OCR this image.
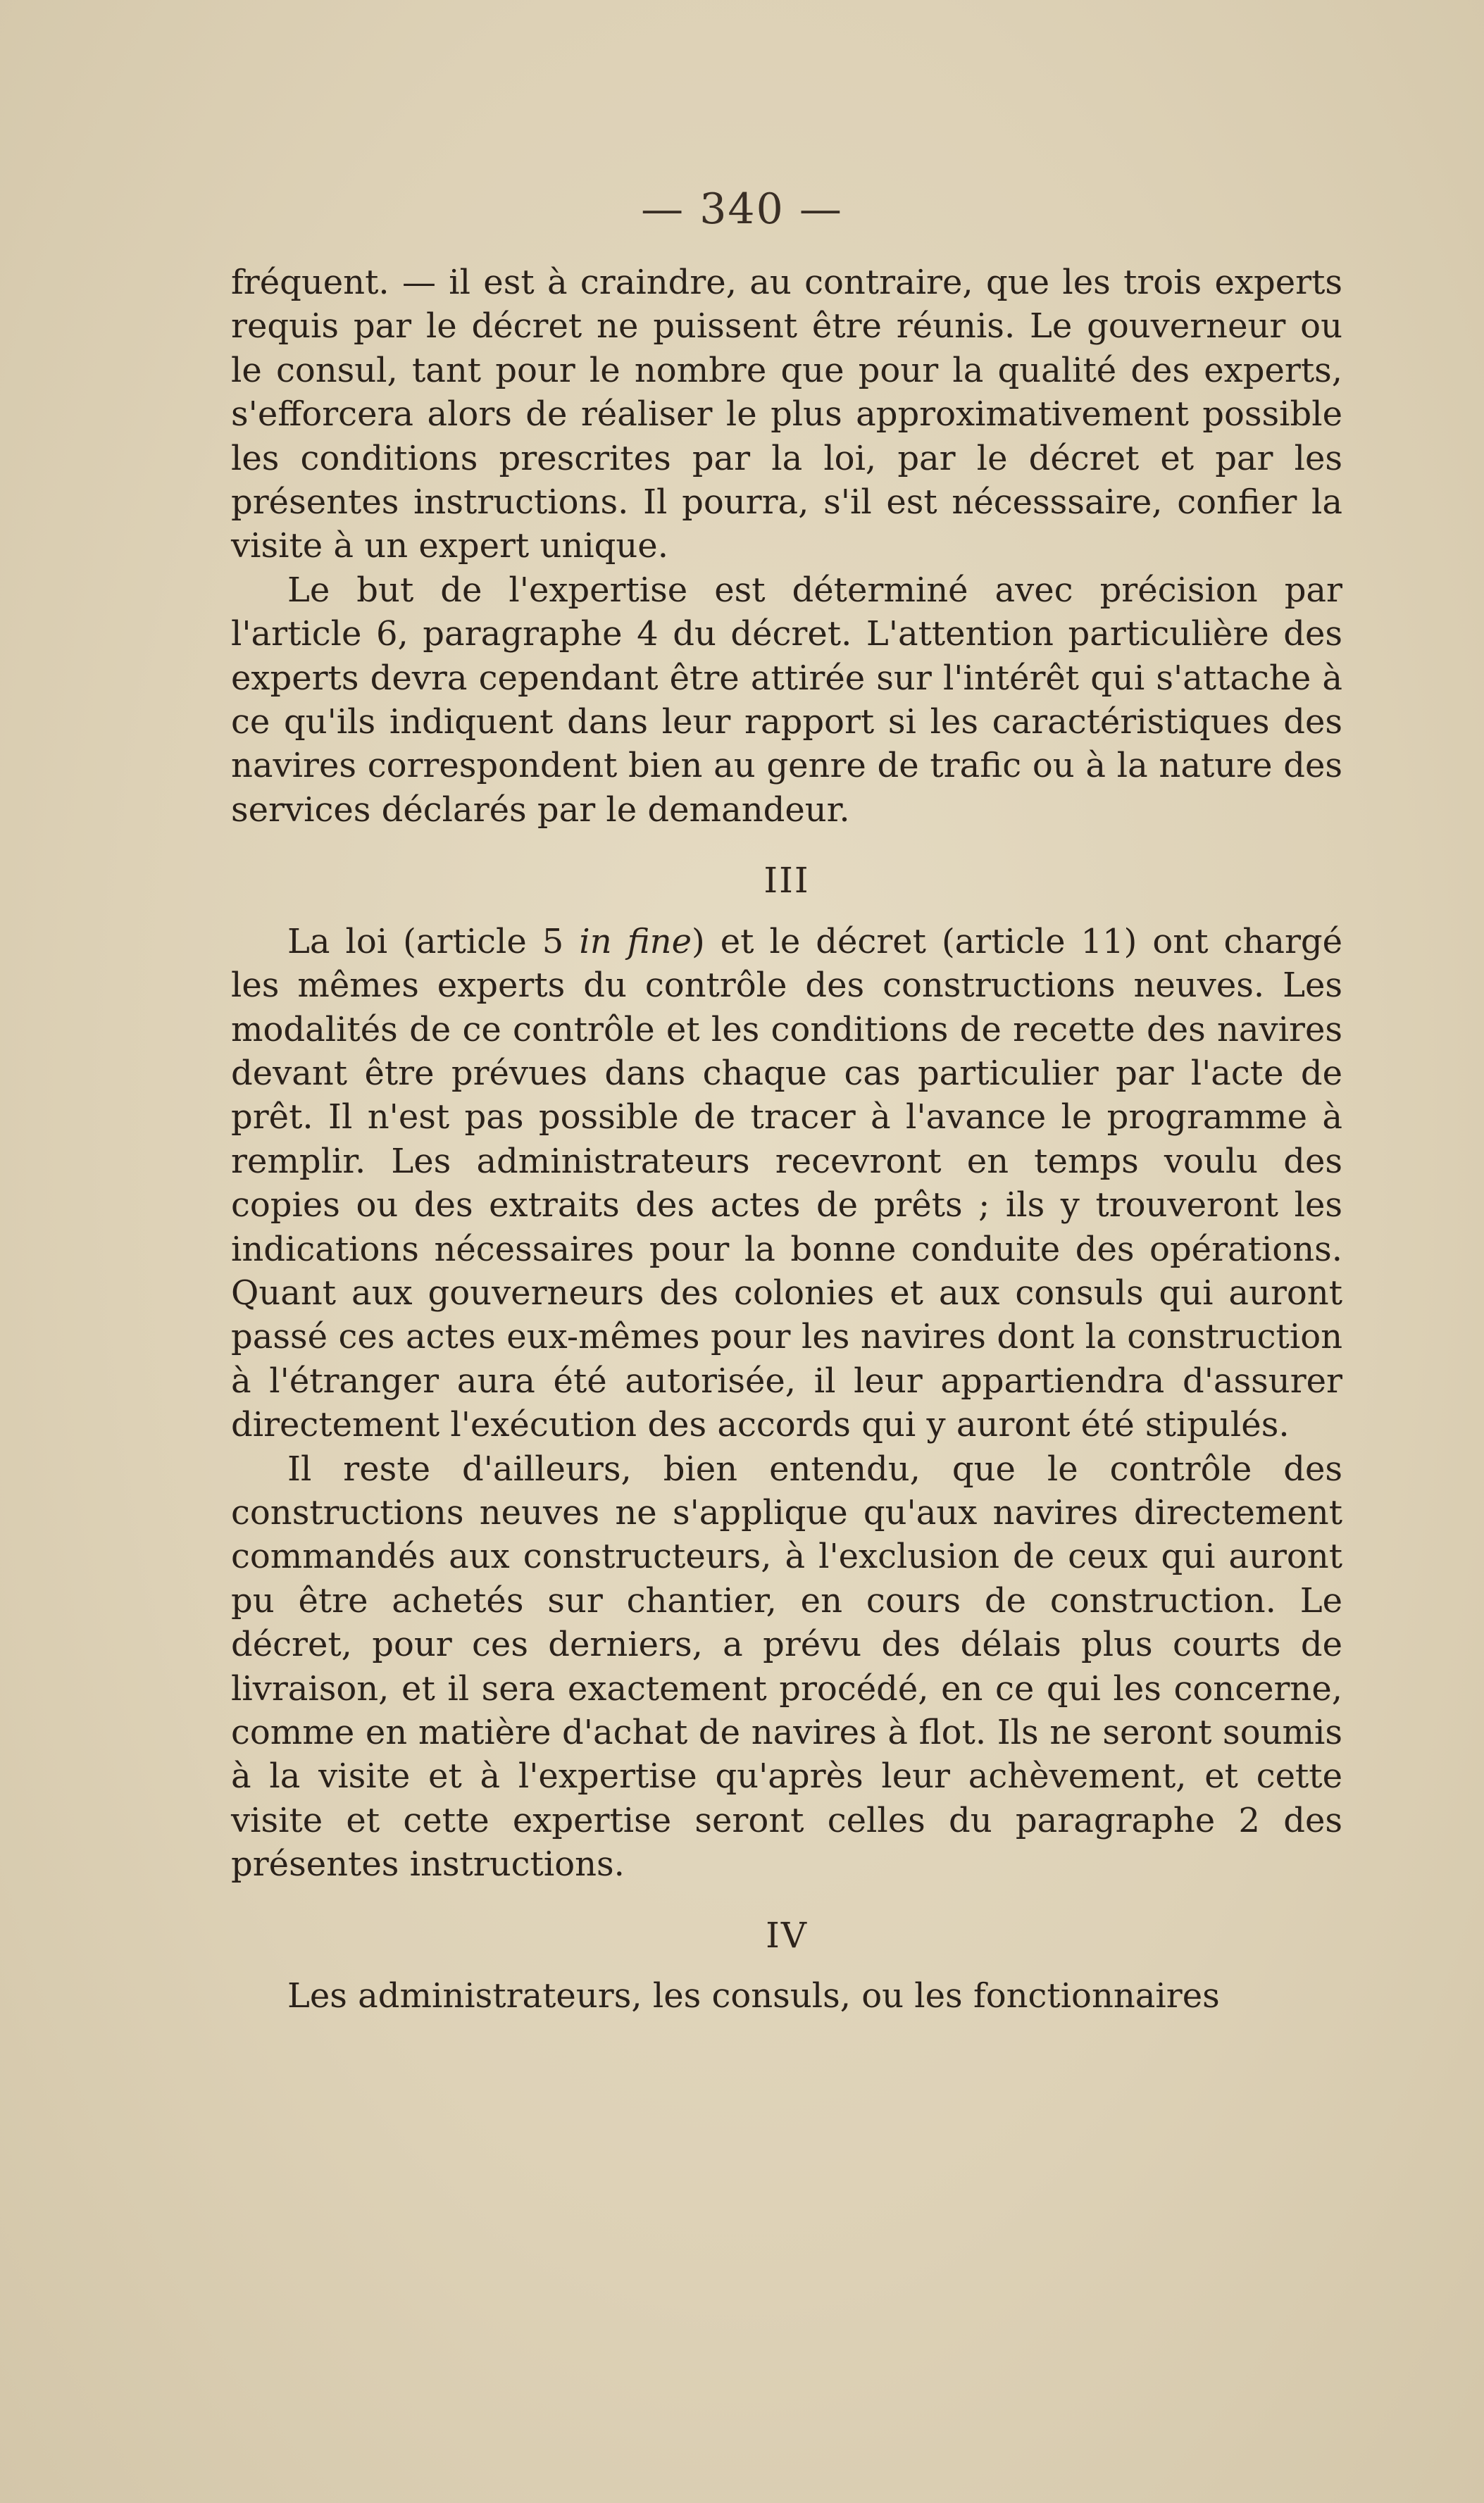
— 340 —

fréquent. — il est à craindre, au contraire, que les trois experts requis par le décret ne puissent être réunis. Le gouverneur ou le consul, tant pour le nombre que pour la qualité des experts, s'efforcera alors de réaliser le plus approximativement possible les conditions prescrites par la loi, par le décret et par les présentes instructions. Il pourra, s'il est nécesssaire, confier la visite à un expert unique.

Le but de l'expertise est déterminé avec précision par l'article 6, paragraphe 4 du décret. L'attention particulière des experts devra cependant être attirée sur l'intérêt qui s'attache à ce qu'ils indiquent dans leur rapport si les caractéristiques des navires correspondent bien au genre de trafic ou à la nature des services déclarés par le demandeur.

III

La loi (article 5 in fine) et le décret (article 11) ont chargé les mêmes experts du contrôle des constructions neuves. Les modalités de ce contrôle et les conditions de recette des navires devant être prévues dans chaque cas particulier par l'acte de prêt. Il n'est pas possible de tracer à l'avance le programme à remplir. Les administrateurs recevront en temps voulu des copies ou des extraits des actes de prêts ; ils y trouveront les indications nécessaires pour la bonne conduite des opérations. Quant aux gouverneurs des colonies et aux consuls qui auront passé ces actes eux-mêmes pour les navires dont la construction à l'étranger aura été autorisée, il leur appartiendra d'assurer directement l'exécution des accords qui y auront été stipulés.

Il reste d'ailleurs, bien entendu, que le contrôle des constructions neuves ne s'applique qu'aux navires directement commandés aux constructeurs, à l'exclusion de ceux qui auront pu être achetés sur chantier, en cours de construction. Le décret, pour ces derniers, a prévu des délais plus courts de livraison, et il sera exactement procédé, en ce qui les concerne, comme en matière d'achat de navires à flot. Ils ne seront soumis à la visite et à l'expertise qu'après leur achèvement, et cette visite et cette expertise seront celles du paragraphe 2 des présentes instructions.

IV

Les administrateurs, les consuls, ou les fonctionnaires
